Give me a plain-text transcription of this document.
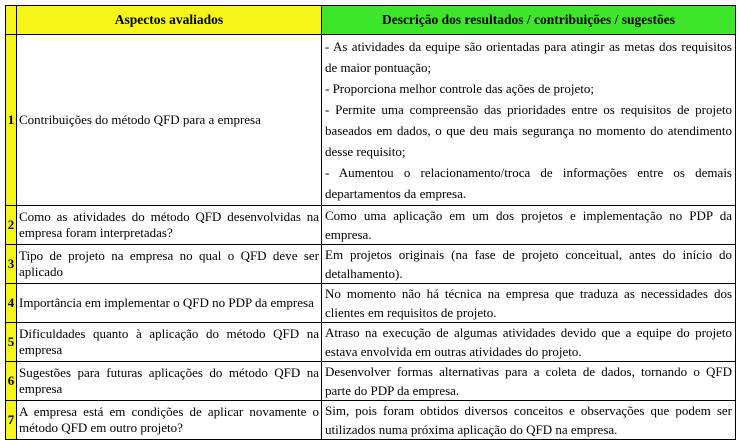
	Aspectos avaliados	Descrição dos resultados / contribuições / sugestões
1	Contribuições do método QFD para a empresa	- As atividades da equipe são orientadas para atingir as metas dos requisitos de maior pontuação;
- Proporciona melhor controle das ações de projeto;
- Permite uma compreensão das prioridades entre os requisitos de projeto baseados em dados, o que deu mais segurança no momento do atendimento desse requisito;
- Aumentou o relacionamento/troca de informações entre os demais departamentos da empresa.

2	Como as atividades do método QFD desenvolvidas na empresa foram interpretadas?	Como uma aplicação em um dos projetos e implementação no PDP da empresa.
3	Tipo de projeto na empresa no qual o QFD deve ser aplicado	Em projetos originais (na fase de projeto conceitual, antes do início do detalhamento).
4	Importância em implementar o QFD no PDP da empresa	No momento não há técnica na empresa que traduza as necessidades dos clientes em requisitos de projeto.
5	Dificuldades quanto à aplicação do método QFD na empresa	Atraso na execução de algumas atividades devido que a equipe do projeto estava envolvida em outras atividades do projeto.
6	Sugestões para futuras aplicações do método QFD na empresa	Desenvolver formas alternativas para a coleta de dados, tornando o QFD parte do PDP da empresa.
7	A empresa está em condições de aplicar novamente o método QFD em outro projeto?	Sim, pois foram obtidos diversos conceitos e observações que podem ser utilizados numa próxima aplicação do QFD na empresa.
